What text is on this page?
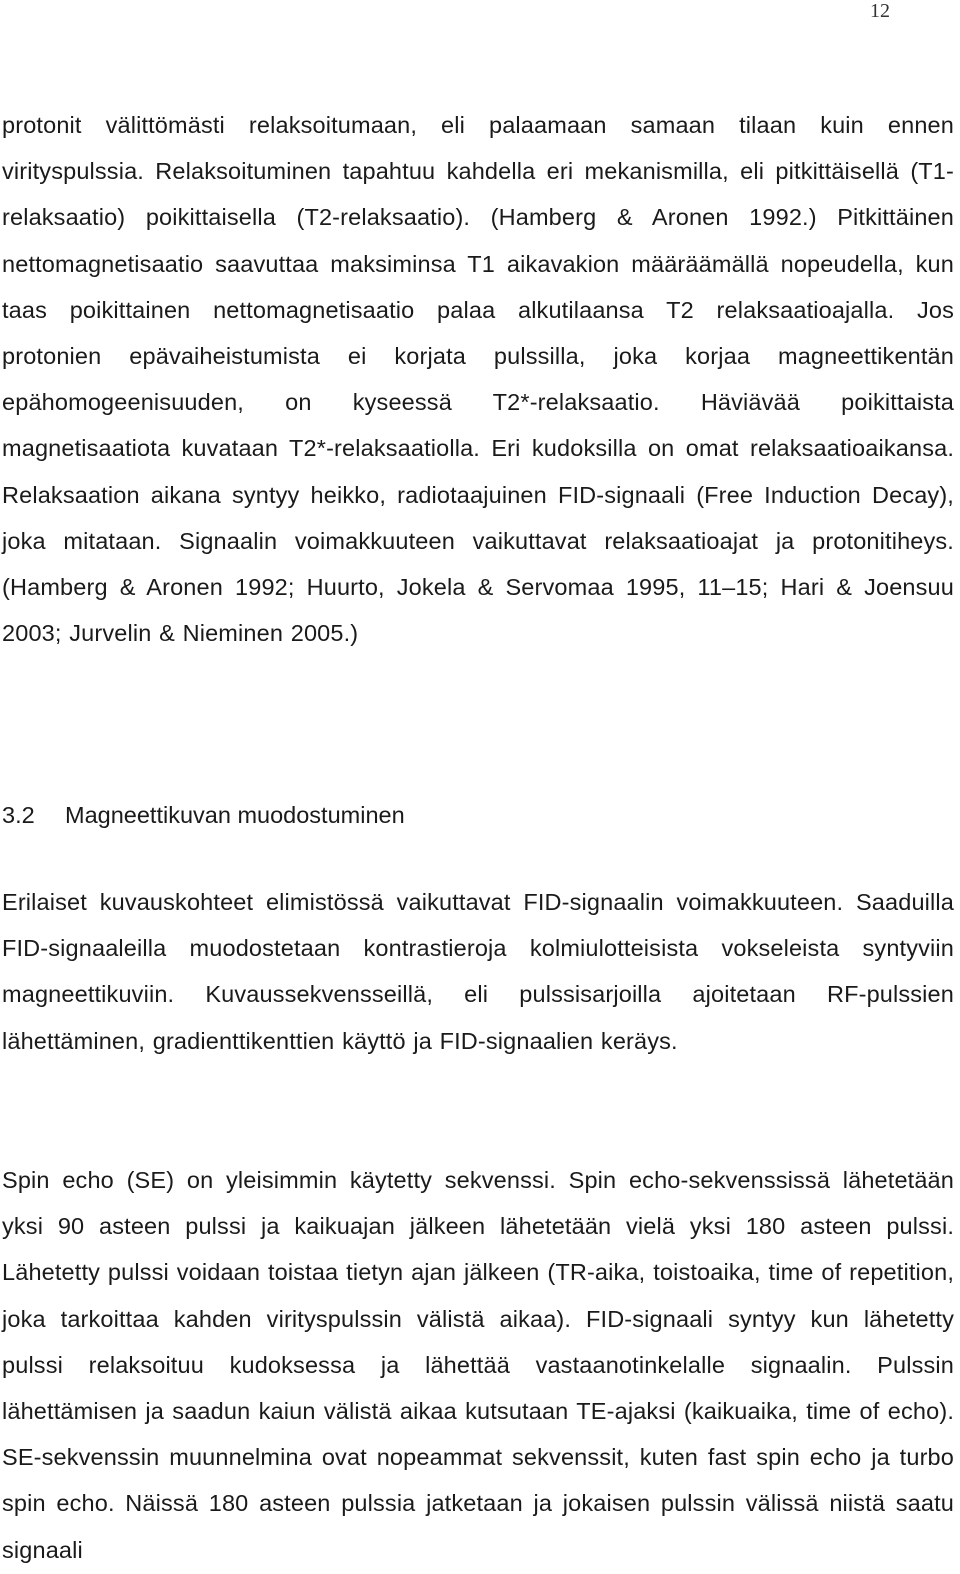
12

protonit välittömästi relaksoitumaan, eli palaamaan samaan tilaan kuin ennen virityspulssia. Relaksoituminen tapahtuu kahdella eri mekanismilla, eli pitkittäisellä (T1-relaksaatio) poikittaisella (T2-relaksaatio). (Hamberg & Aronen 1992.) Pitkittäinen nettomagnetisaatio saavuttaa maksiminsa T1 aikavakion määräämällä nopeudella, kun taas poikittainen nettomagnetisaatio palaa alkutilaansa T2 relaksaatioajalla. Jos protonien epävaiheistumista ei korjata pulssilla, joka korjaa magneettikentän epähomogeenisuuden, on kyseessä T2*-relaksaatio. Häviävää poikittaista magnetisaatiota kuvataan T2*-relaksaatiolla. Eri kudoksilla on omat relaksaatioaikansa. Relaksaation aikana syntyy heikko, radiotaajuinen FID-signaali (Free Induction Decay), joka mitataan. Signaalin voimakkuuteen vaikuttavat relaksaatioajat ja protonitiheys. (Hamberg & Aronen 1992; Huurto, Jokela & Servomaa 1995, 11–15; Hari & Joensuu 2003; Jurvelin & Nieminen 2005.)

3.2 Magneettikuvan muodostuminen

Erilaiset kuvauskohteet elimistössä vaikuttavat FID-signaalin voimakkuuteen. Saaduilla FID-signaaleilla muodostetaan kontrastieroja kolmiulotteisista vokseleista syntyviin magneettikuviin. Kuvaussekvensseillä, eli pulssisarjoilla ajoitetaan RF-pulssien lähettäminen, gradienttikenttien käyttö ja FID-signaalien keräys.

Spin echo (SE) on yleisimmin käytetty sekvenssi. Spin echo-sekvenssissä lähetetään yksi 90 asteen pulssi ja kaikuajan jälkeen lähetetään vielä yksi 180 asteen pulssi. Lähetetty pulssi voidaan toistaa tietyn ajan jälkeen (TR-aika, toistoaika, time of repetition, joka tarkoittaa kahden virityspulssin välistä aikaa). FID-signaali syntyy kun lähetetty pulssi relaksoituu kudoksessa ja lähettää vastaanotinkelalle signaalin. Pulssin lähettämisen ja saadun kaiun välistä aikaa kutsutaan TE-ajaksi (kaikuaika, time of echo). SE-sekvenssin muunnelmina ovat nopeammat sekvenssit, kuten fast spin echo ja turbo spin echo. Näissä 180 asteen pulssia jatketaan ja jokaisen pulssin välissä niistä saatu signaali
